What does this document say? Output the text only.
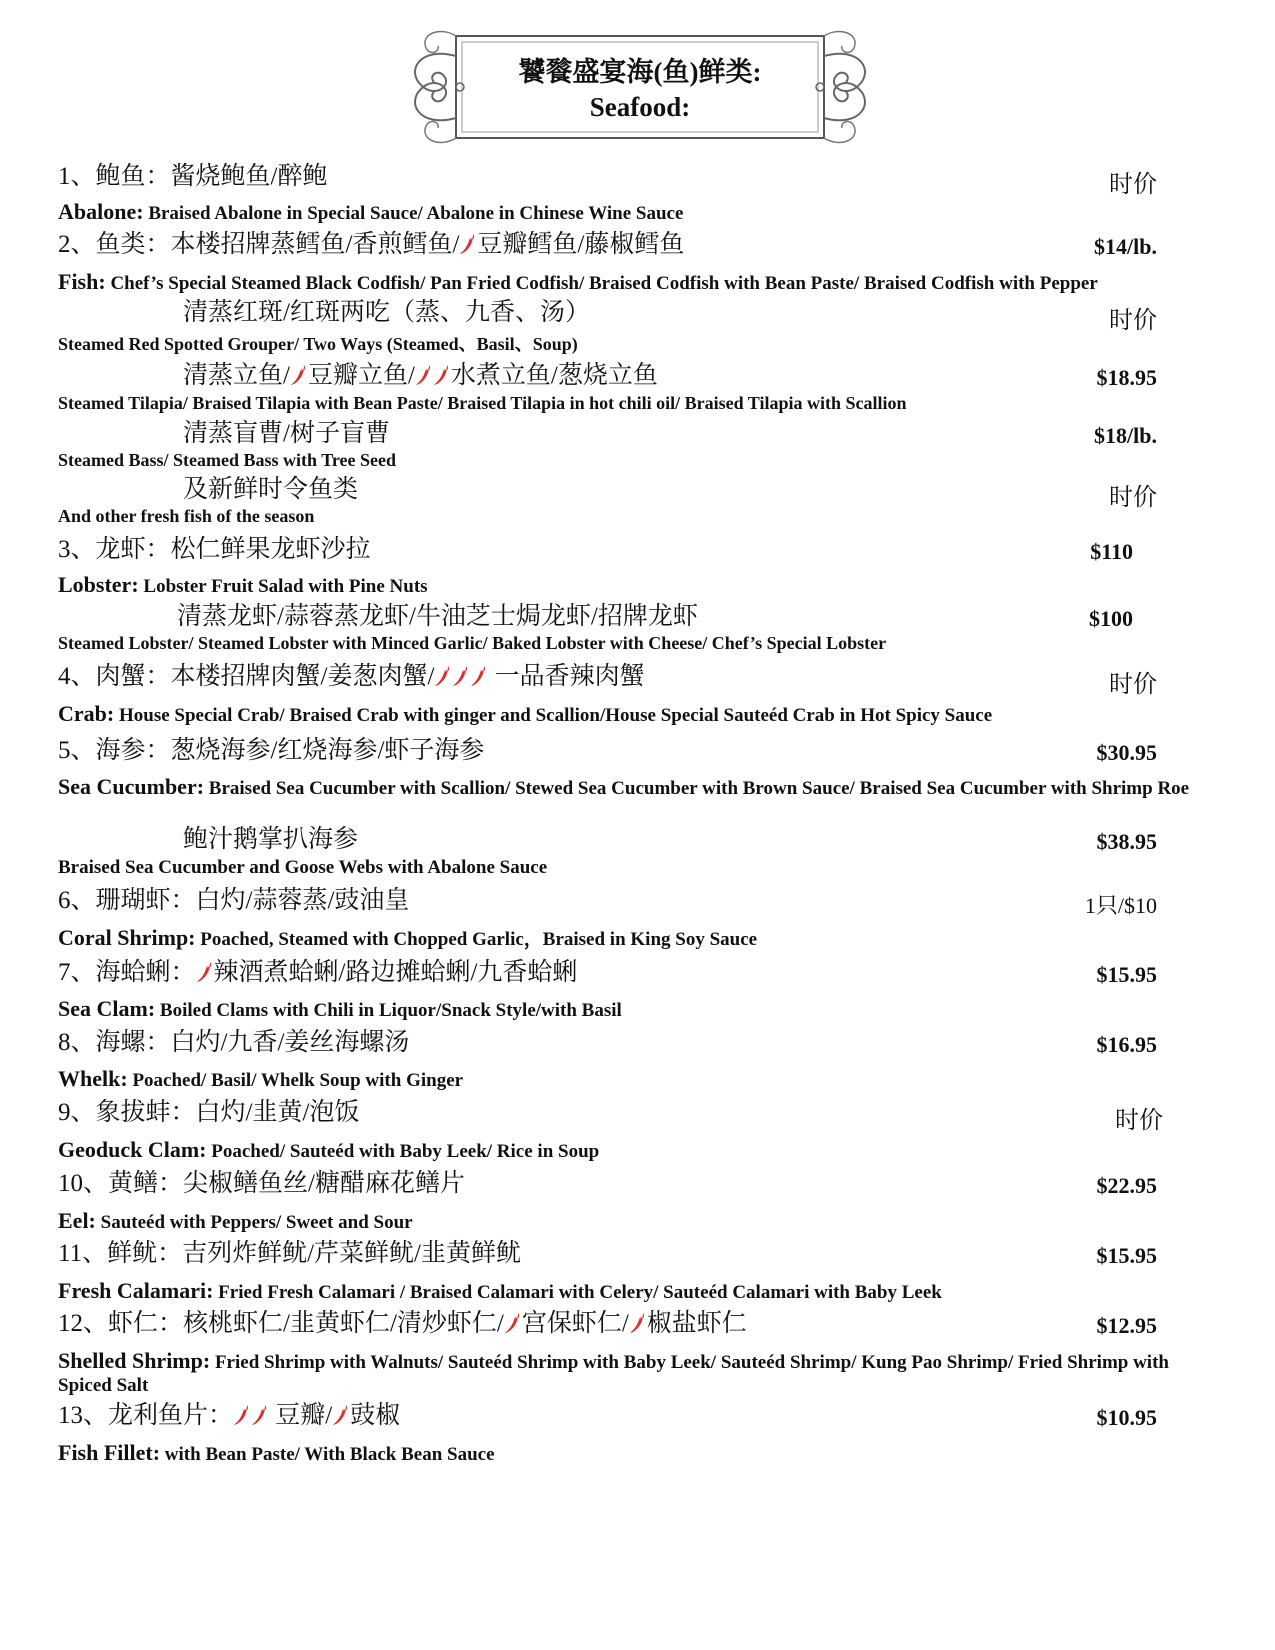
饕餮盛宴海(鱼)鲜类:
Seafood:
1、鲍鱼：酱烧鲍鱼/醉鲍	时价
Abalone: Braised Abalone in Special Sauce/ Abalone in Chinese Wine Sauce
2、鱼类：本楼招牌蒸鳕鱼/香煎鳕鱼/ 豆瓣鳕鱼/藤椒鳕鱼	$14/lb.
Fish: Chef’s Special Steamed Black Codfish/ Pan Fried Codfish/ Braised Codfish with Bean Paste/ Braised Codfish with Pepper
清蒸红斑/红斑两吃（蒸、九香、汤）	时价
Steamed Red Spotted Grouper/ Two Ways (Steamed、Basil、Soup)
清蒸立鱼/ 豆瓣立鱼/ 水煮立鱼/葱烧立鱼	$18.95
Steamed Tilapia/ Braised Tilapia with Bean Paste/ Braised Tilapia in hot chili oil/ Braised Tilapia with Scallion
清蒸盲曹/树子盲曹	$18/lb.
Steamed Bass/ Steamed Bass with Tree Seed
及新鲜时令鱼类	时价
And other fresh fish of the season
3、龙虾：松仁鲜果龙虾沙拉	$110
Lobster: Lobster Fruit Salad with Pine Nuts
清蒸龙虾/蒜蓉蒸龙虾/牛油芝士焗龙虾/招牌龙虾	$100
Steamed Lobster/ Steamed Lobster with Minced Garlic/ Baked Lobster with Cheese/ Chef’s Special Lobster
4、肉蟹：本楼招牌肉蟹/姜葱肉蟹/ 一品香辣肉蟹	时价
Crab: House Special Crab/ Braised Crab with ginger and Scallion/House Special Sauteéd Crab in Hot Spicy Sauce
5、海参：葱烧海参/红烧海参/虾子海参	$30.95
Sea Cucumber: Braised Sea Cucumber with Scallion/ Stewed Sea Cucumber with Brown Sauce/ Braised Sea Cucumber with Shrimp Roe
鲍汁鹅掌扒海参	$38.95
Braised Sea Cucumber and Goose Webs with Abalone Sauce
6、珊瑚虾：白灼/蒜蓉蒸/豉油皇	1只/$10
Coral Shrimp: Poached, Steamed with Chopped Garlic，Braised in King Soy Sauce
7、海蛤蜊： 辣酒煮蛤蜊/路边摊蛤蜊/九香蛤蜊	$15.95
Sea Clam: Boiled Clams with Chili in Liquor/Snack Style/with Basil
8、海螺：白灼/九香/姜丝海螺汤	$16.95
Whelk: Poached/ Basil/ Whelk Soup with Ginger
9、象拔蚌：白灼/韭黄/泡饭	时价
Geoduck Clam: Poached/ Sauteéd with Baby Leek/ Rice in Soup
10、黄鳝：尖椒鳝鱼丝/糖醋麻花鳝片	$22.95
Eel: Sauteéd with Peppers/ Sweet and Sour
11、鲜鱿：吉列炸鲜鱿/芹菜鲜鱿/韭黄鲜鱿	$15.95
Fresh Calamari: Fried Fresh Calamari / Braised Calamari with Celery/ Sauteéd Calamari with Baby Leek
12、虾仁：核桃虾仁/韭黄虾仁/清炒虾仁/ 宫保虾仁/ 椒盐虾仁	$12.95
Shelled Shrimp: Fried Shrimp with Walnuts/ Sauteéd Shrimp with Baby Leek/ Sauteéd Shrimp/ Kung Pao Shrimp/ Fried Shrimp with Spiced Salt
13、龙利鱼片： 豆瓣/ 豉椒	$10.95
Fish Fillet: with Bean Paste/ With Black Bean Sauce
